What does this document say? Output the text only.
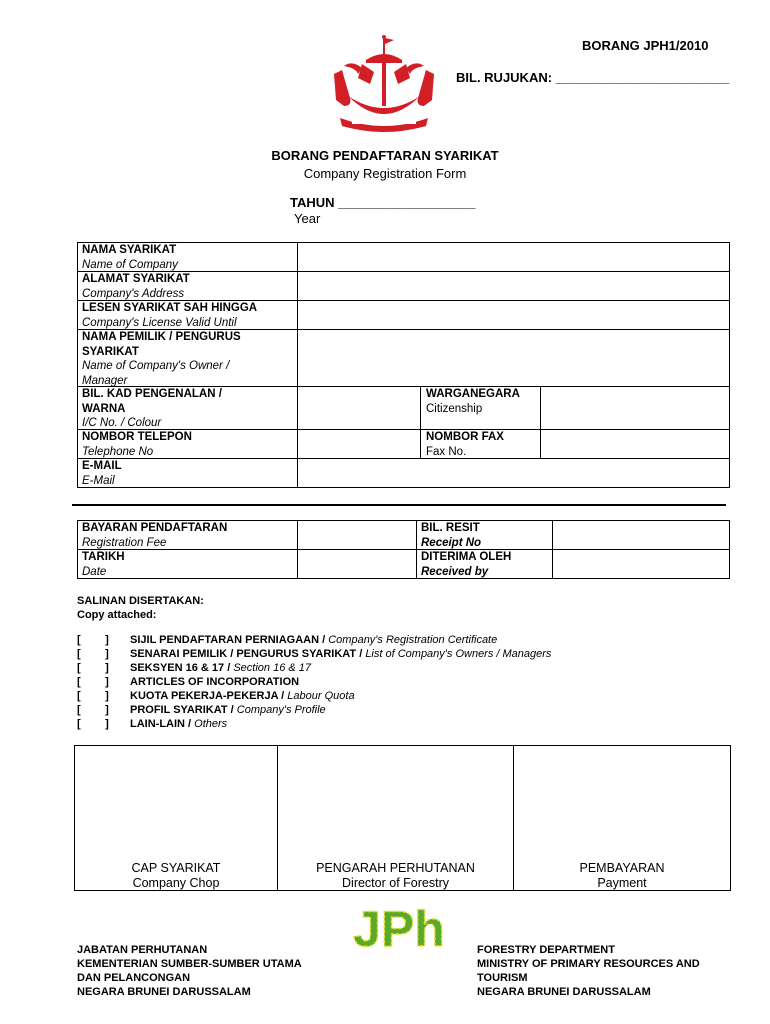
BORANG JPH1/2010
BIL. RUJUKAN: ________________________
BORANG PENDAFTARAN SYARIKAT
Company Registration Form
TAHUN ___________________
Year
NAMA SYARIKAT
Name of Company
ALAMAT SYARIKAT
Company's Address
LESEN SYARIKAT SAH HINGGA
Company's License Valid Until
NAMA PEMILIK / PENGURUS
SYARIKAT
Name of Company's Owner /
Manager
BIL. KAD PENGENALAN /
WARNA
I/C No. / Colour
WARGANEGARA
Citizenship
NOMBOR TELEPON
Telephone No
NOMBOR FAX
Fax No.
E-MAIL
E-Mail
BAYARAN PENDAFTARAN
Registration Fee
BIL. RESIT
Receipt No
TARIKH
Date
DITERIMA OLEH
Received by
SALINAN DISERTAKAN:
Copy attached:
[        ] SIJIL PENDAFTARAN PERNIAGAAN / Company's Registration Certificate
[        ] SENARAI PEMILIK / PENGURUS SYARIKAT / List of Company's Owners / Managers
[        ] SEKSYEN 16 & 17 / Section 16 & 17
[        ] ARTICLES OF INCORPORATION
[        ] KUOTA PEKERJA-PEKERJA / Labour Quota
[        ] PROFIL SYARIKAT / Company's Profile
[        ] LAIN-LAIN / Others
CAP SYARIKAT
Company Chop
PENGARAH PERHUTANAN
Director of Forestry
PEMBAYARAN
Payment
JPh
JABATAN PERHUTANAN
KEMENTERIAN SUMBER-SUMBER UTAMA
DAN PELANCONGAN
NEGARA BRUNEI DARUSSALAM
FORESTRY DEPARTMENT
MINISTRY OF PRIMARY RESOURCES AND
TOURISM
NEGARA BRUNEI DARUSSALAM
